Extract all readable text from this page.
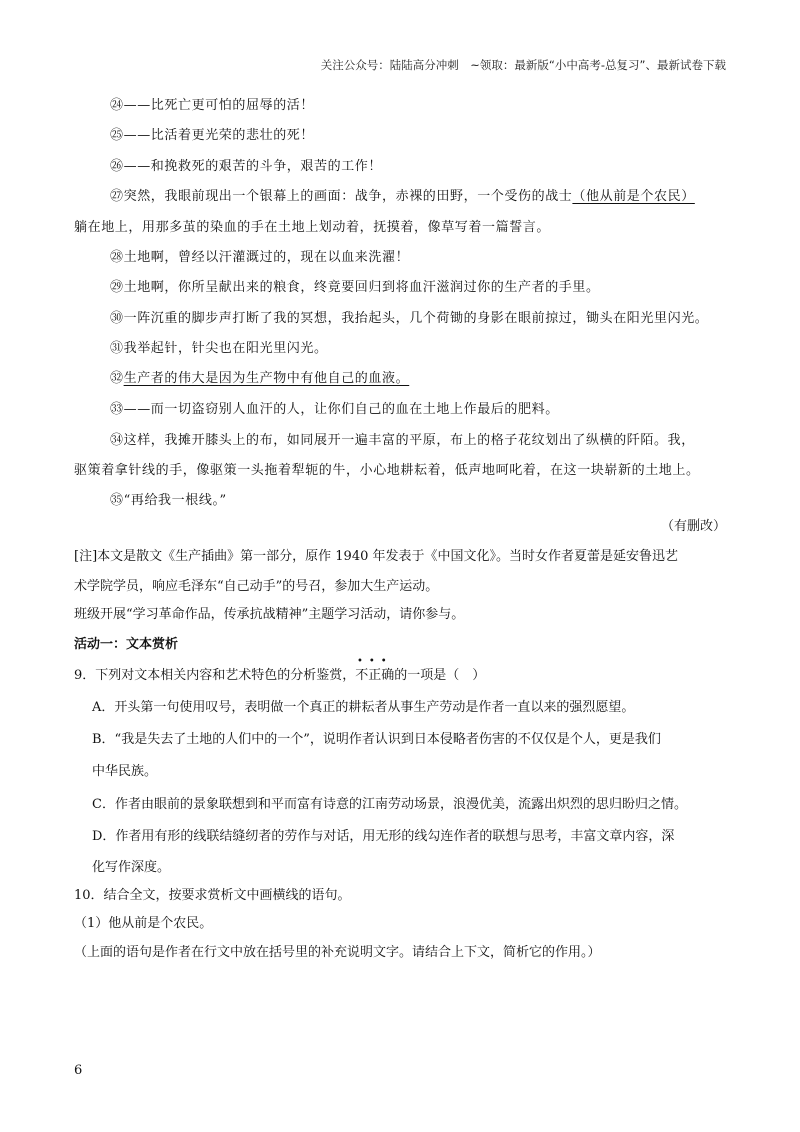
关注公众号：陆陆高分冲刺　~领取：最新版“小中高考-总复习”、最新试卷下载
㉔——比死亡更可怕的屈辱的活！
㉕——比活着更光荣的悲壮的死！
㉖——和挽救死的艰苦的斗争，艰苦的工作！
㉗突然，我眼前现出一个银幕上的画面：战争，赤裸的田野，一个受伤的战士（他从前是个农民）
躺在地上，用那多茧的染血的手在土地上划动着，抚摸着，像草写着一篇誓言。
㉘土地啊，曾经以汗灌溉过的，现在以血来洗濯！
㉙土地啊，你所呈献出来的粮食，终竟要回归到将血汗滋润过你的生产者的手里。
㉚一阵沉重的脚步声打断了我的冥想，我抬起头，几个荷锄的身影在眼前掠过，锄头在阳光里闪光。
㉛我举起针，针尖也在阳光里闪光。
㉜生产者的伟大是因为生产物中有他自己的血液。
㉝——而一切盗窃别人血汗的人，让你们自己的血在土地上作最后的肥料。
㉞这样，我摊开膝头上的布，如同展开一遍丰富的平原，布上的格子花纹划出了纵横的阡陌。我，
驱策着拿针线的手，像驱策一头拖着犁轭的牛，小心地耕耘着，低声地呵叱着，在这一块崭新的土地上。
㉟“再给我一根线。”
（有删改）
[注]本文是散文《生产插曲》第一部分，原作 1940 年发表于《中国文化》。当时女作者夏蕾是延安鲁迅艺
术学院学员，响应毛泽东“自己动手”的号召，参加大生产运动。
班级开展“学习革命作品，传承抗战精神”主题学习活动，请你参与。
活动一：文本赏析
9．下列对文本相关内容和艺术特色的分析鉴赏，
•••
不正确的一项是（　）
A．开头第一句使用叹号，表明做一个真正的耕耘者从事生产劳动是作者一直以来的强烈愿望。
B．“我是失去了土地的人们中的一个”，说明作者认识到日本侵略者伤害的不仅仅是个人，更是我们
中华民族。
C．作者由眼前的景象联想到和平而富有诗意的江南劳动场景，浪漫优美，流露出炽烈的思归盼归之情。
D．作者用有形的线联结缝纫者的劳作与对话，用无形的线勾连作者的联想与思考，丰富文章内容，深
化写作深度。
10．结合全文，按要求赏析文中画横线的语句。
（1）他从前是个农民。
（上面的语句是作者在行文中放在括号里的补充说明文字。请结合上下文，简析它的作用。）
6
